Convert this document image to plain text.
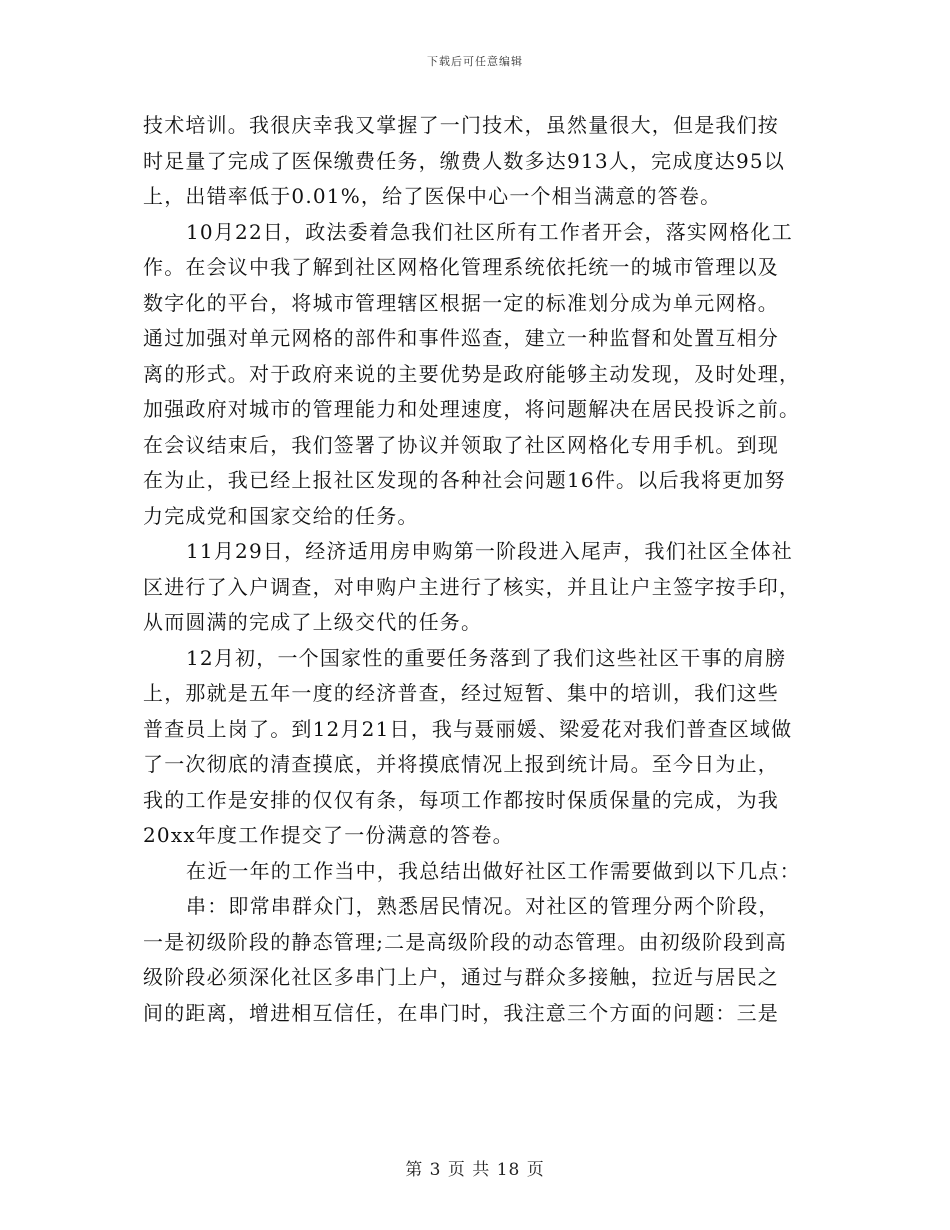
下载后可任意编辑

技术培训。我很庆幸我又掌握了一门技术，虽然量很大，但是我们按
时足量了完成了医保缴费任务，缴费人数多达913人，完成度达95以
上，出错率低于0.01%，给了医保中心一个相当满意的答卷。

10月22日，政法委着急我们社区所有工作者开会，落实网格化工
作。在会议中我了解到社区网格化管理系统依托统一的城市管理以及
数字化的平台，将城市管理辖区根据一定的标准划分成为单元网格。
通过加强对单元网格的部件和事件巡查，建立一种监督和处置互相分
离的形式。对于政府来说的主要优势是政府能够主动发现，及时处理，
加强政府对城市的管理能力和处理速度，将问题解决在居民投诉之前。
在会议结束后，我们签署了协议并领取了社区网格化专用手机。到现
在为止，我已经上报社区发现的各种社会问题16件。以后我将更加努
力完成党和国家交给的任务。

11月29日，经济适用房申购第一阶段进入尾声，我们社区全体社
区进行了入户调查，对申购户主进行了核实，并且让户主签字按手印，
从而圆满的完成了上级交代的任务。

12月初，一个国家性的重要任务落到了我们这些社区干事的肩膀
上，那就是五年一度的经济普查，经过短暂、集中的培训，我们这些
普查员上岗了。到12月21日，我与聂丽媛、梁爱花对我们普查区域做
了一次彻底的清查摸底，并将摸底情况上报到统计局。至今日为止，
我的工作是安排的仅仅有条，每项工作都按时保质保量的完成，为我
20xx年度工作提交了一份满意的答卷。

在近一年的工作当中，我总结出做好社区工作需要做到以下几点：

串：即常串群众门，熟悉居民情况。对社区的管理分两个阶段，
一是初级阶段的静态管理;二是高级阶段的动态管理。由初级阶段到高
级阶段必须深化社区多串门上户，通过与群众多接触，拉近与居民之
间的距离，增进相互信任，在串门时，我注意三个方面的问题：三是

第 3 页 共 18 页
